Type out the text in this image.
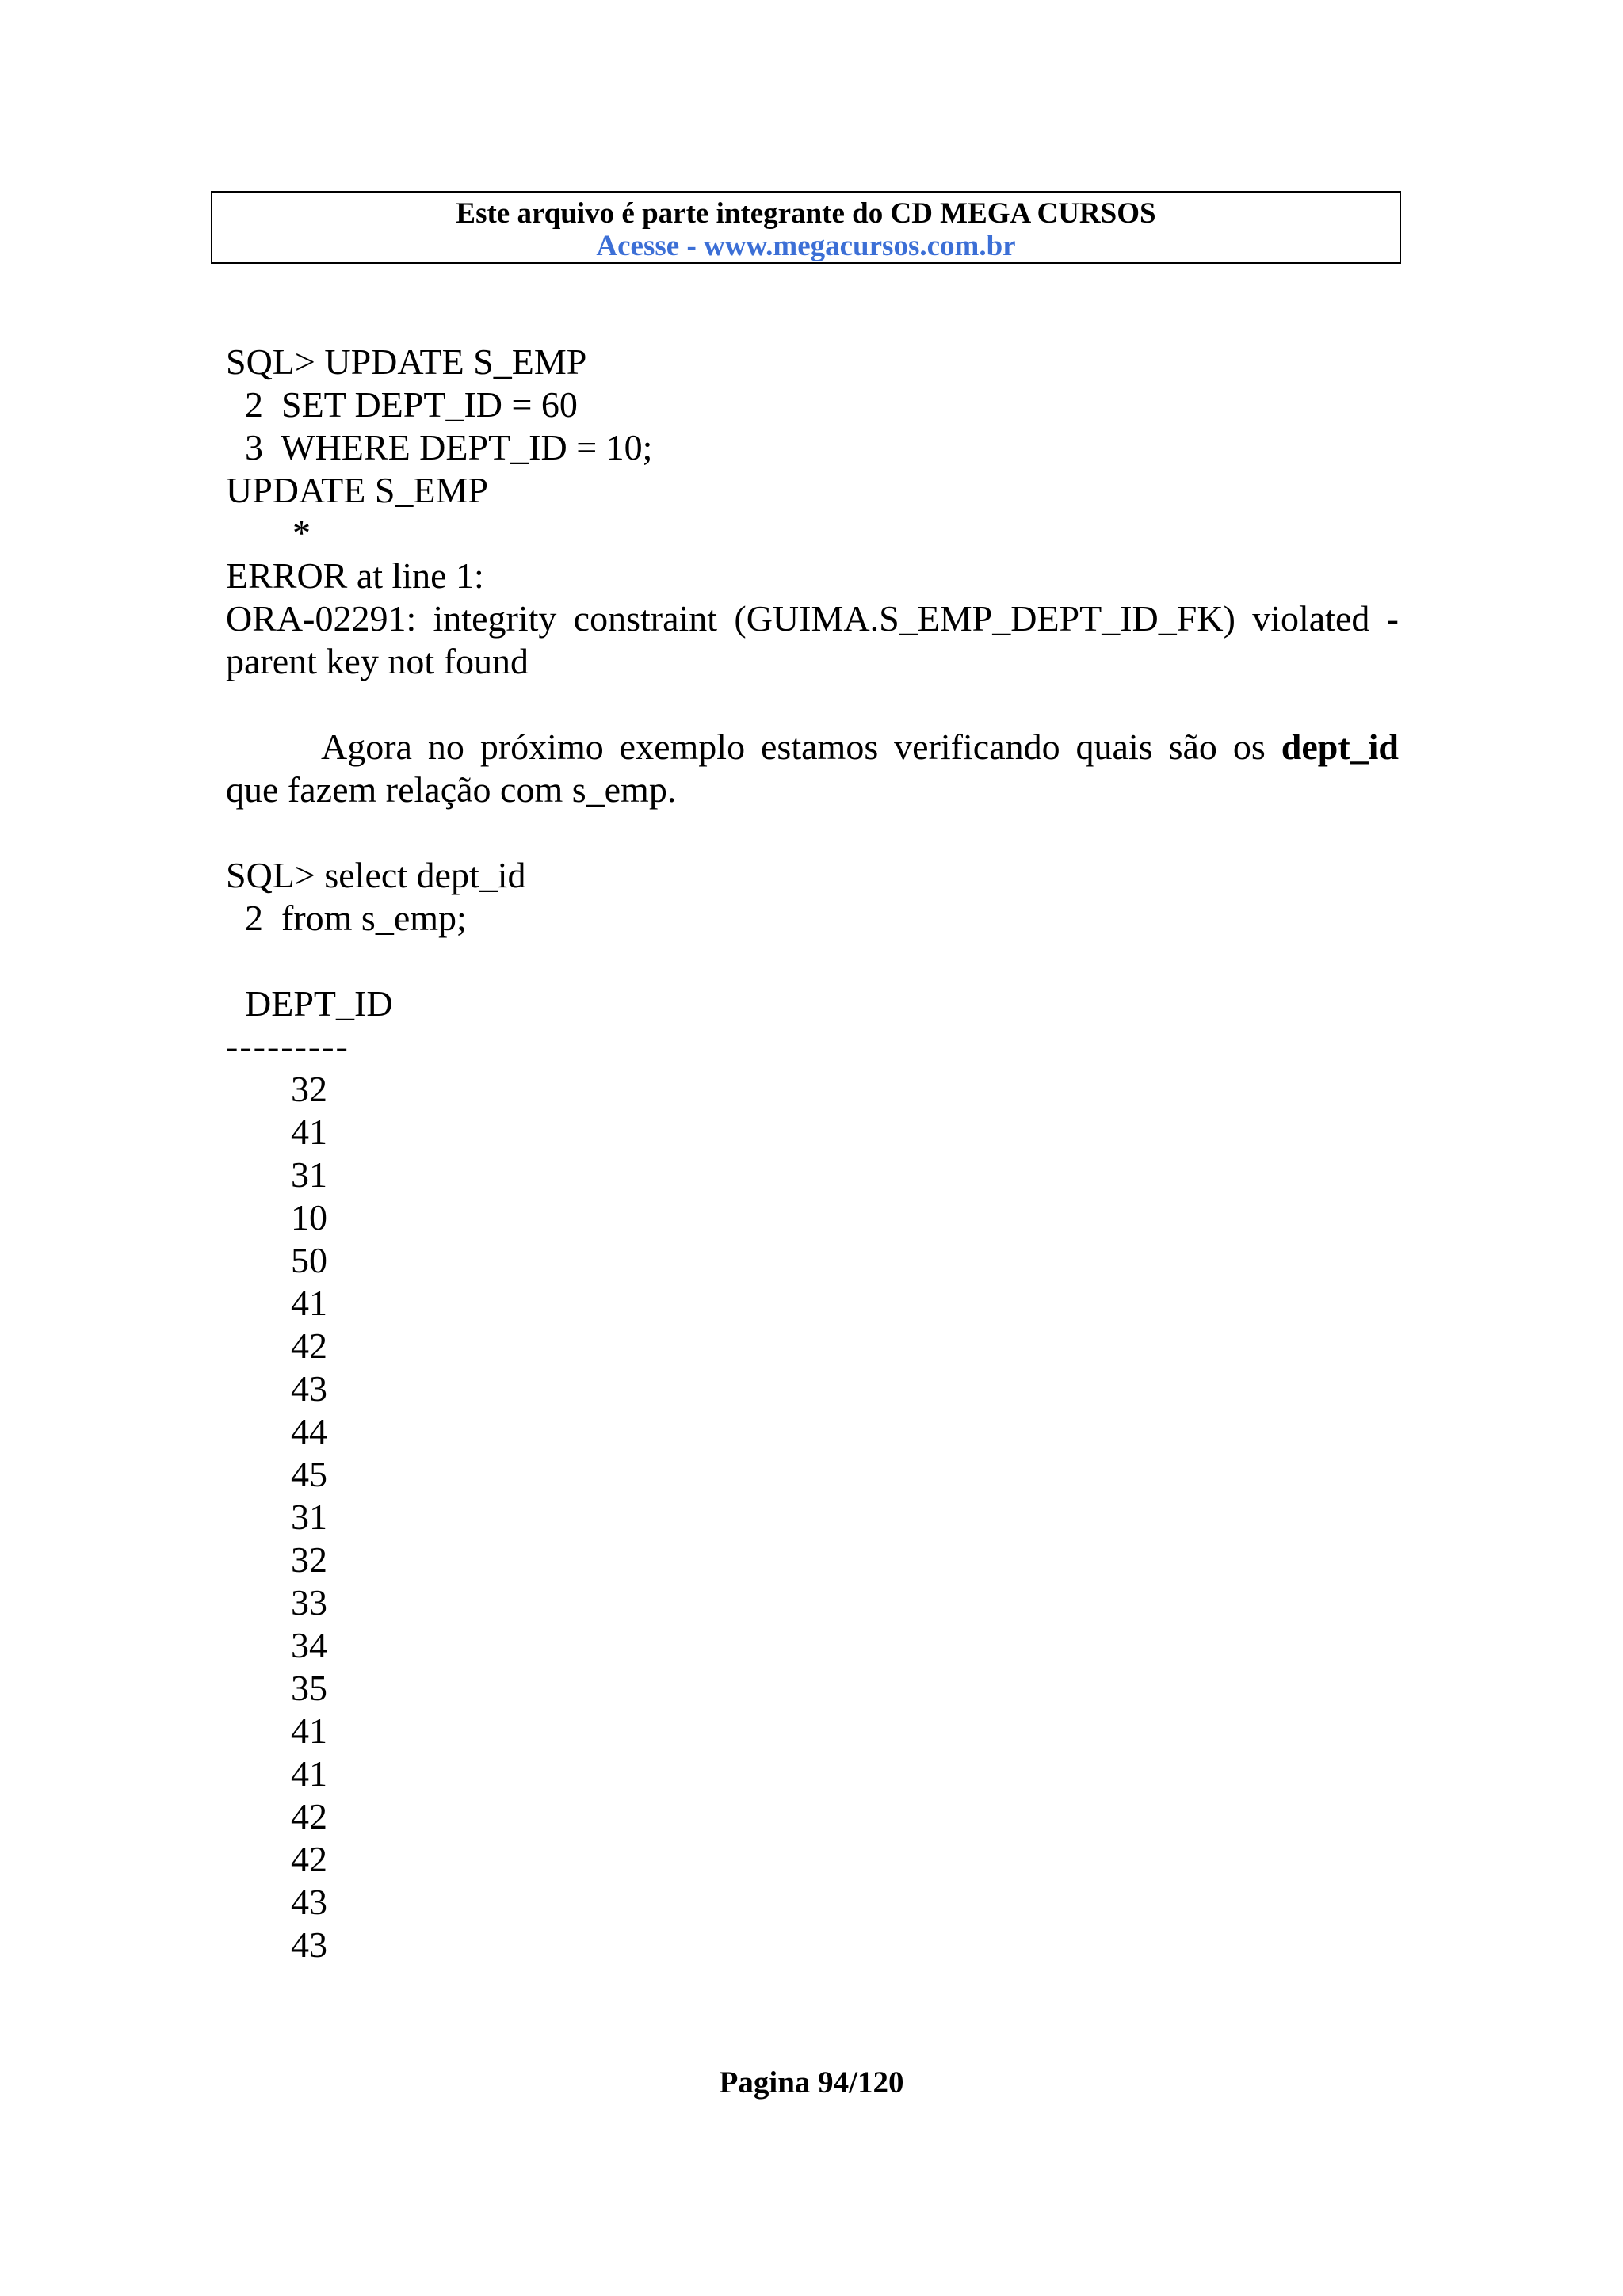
Este arquivo é parte integrante do CD MEGA CURSOS
Acesse - www.megacursos.com.br
SQL> UPDATE S_EMP
2  SET DEPT_ID = 60
3  WHERE DEPT_ID = 10;
UPDATE S_EMP
*
ERROR at line 1:
ORA-02291: integrity constraint (GUIMA.S_EMP_DEPT_ID_FK) violated -
parent key not found
Agora no próximo exemplo estamos verificando quais são os dept_id
que fazem relação com s_emp.
SQL> select dept_id
2  from s_emp;
DEPT_ID
---------
32
41
31
10
50
41
42
43
44
45
31
32
33
34
35
41
41
42
42
43
43
Pagina 94/120
